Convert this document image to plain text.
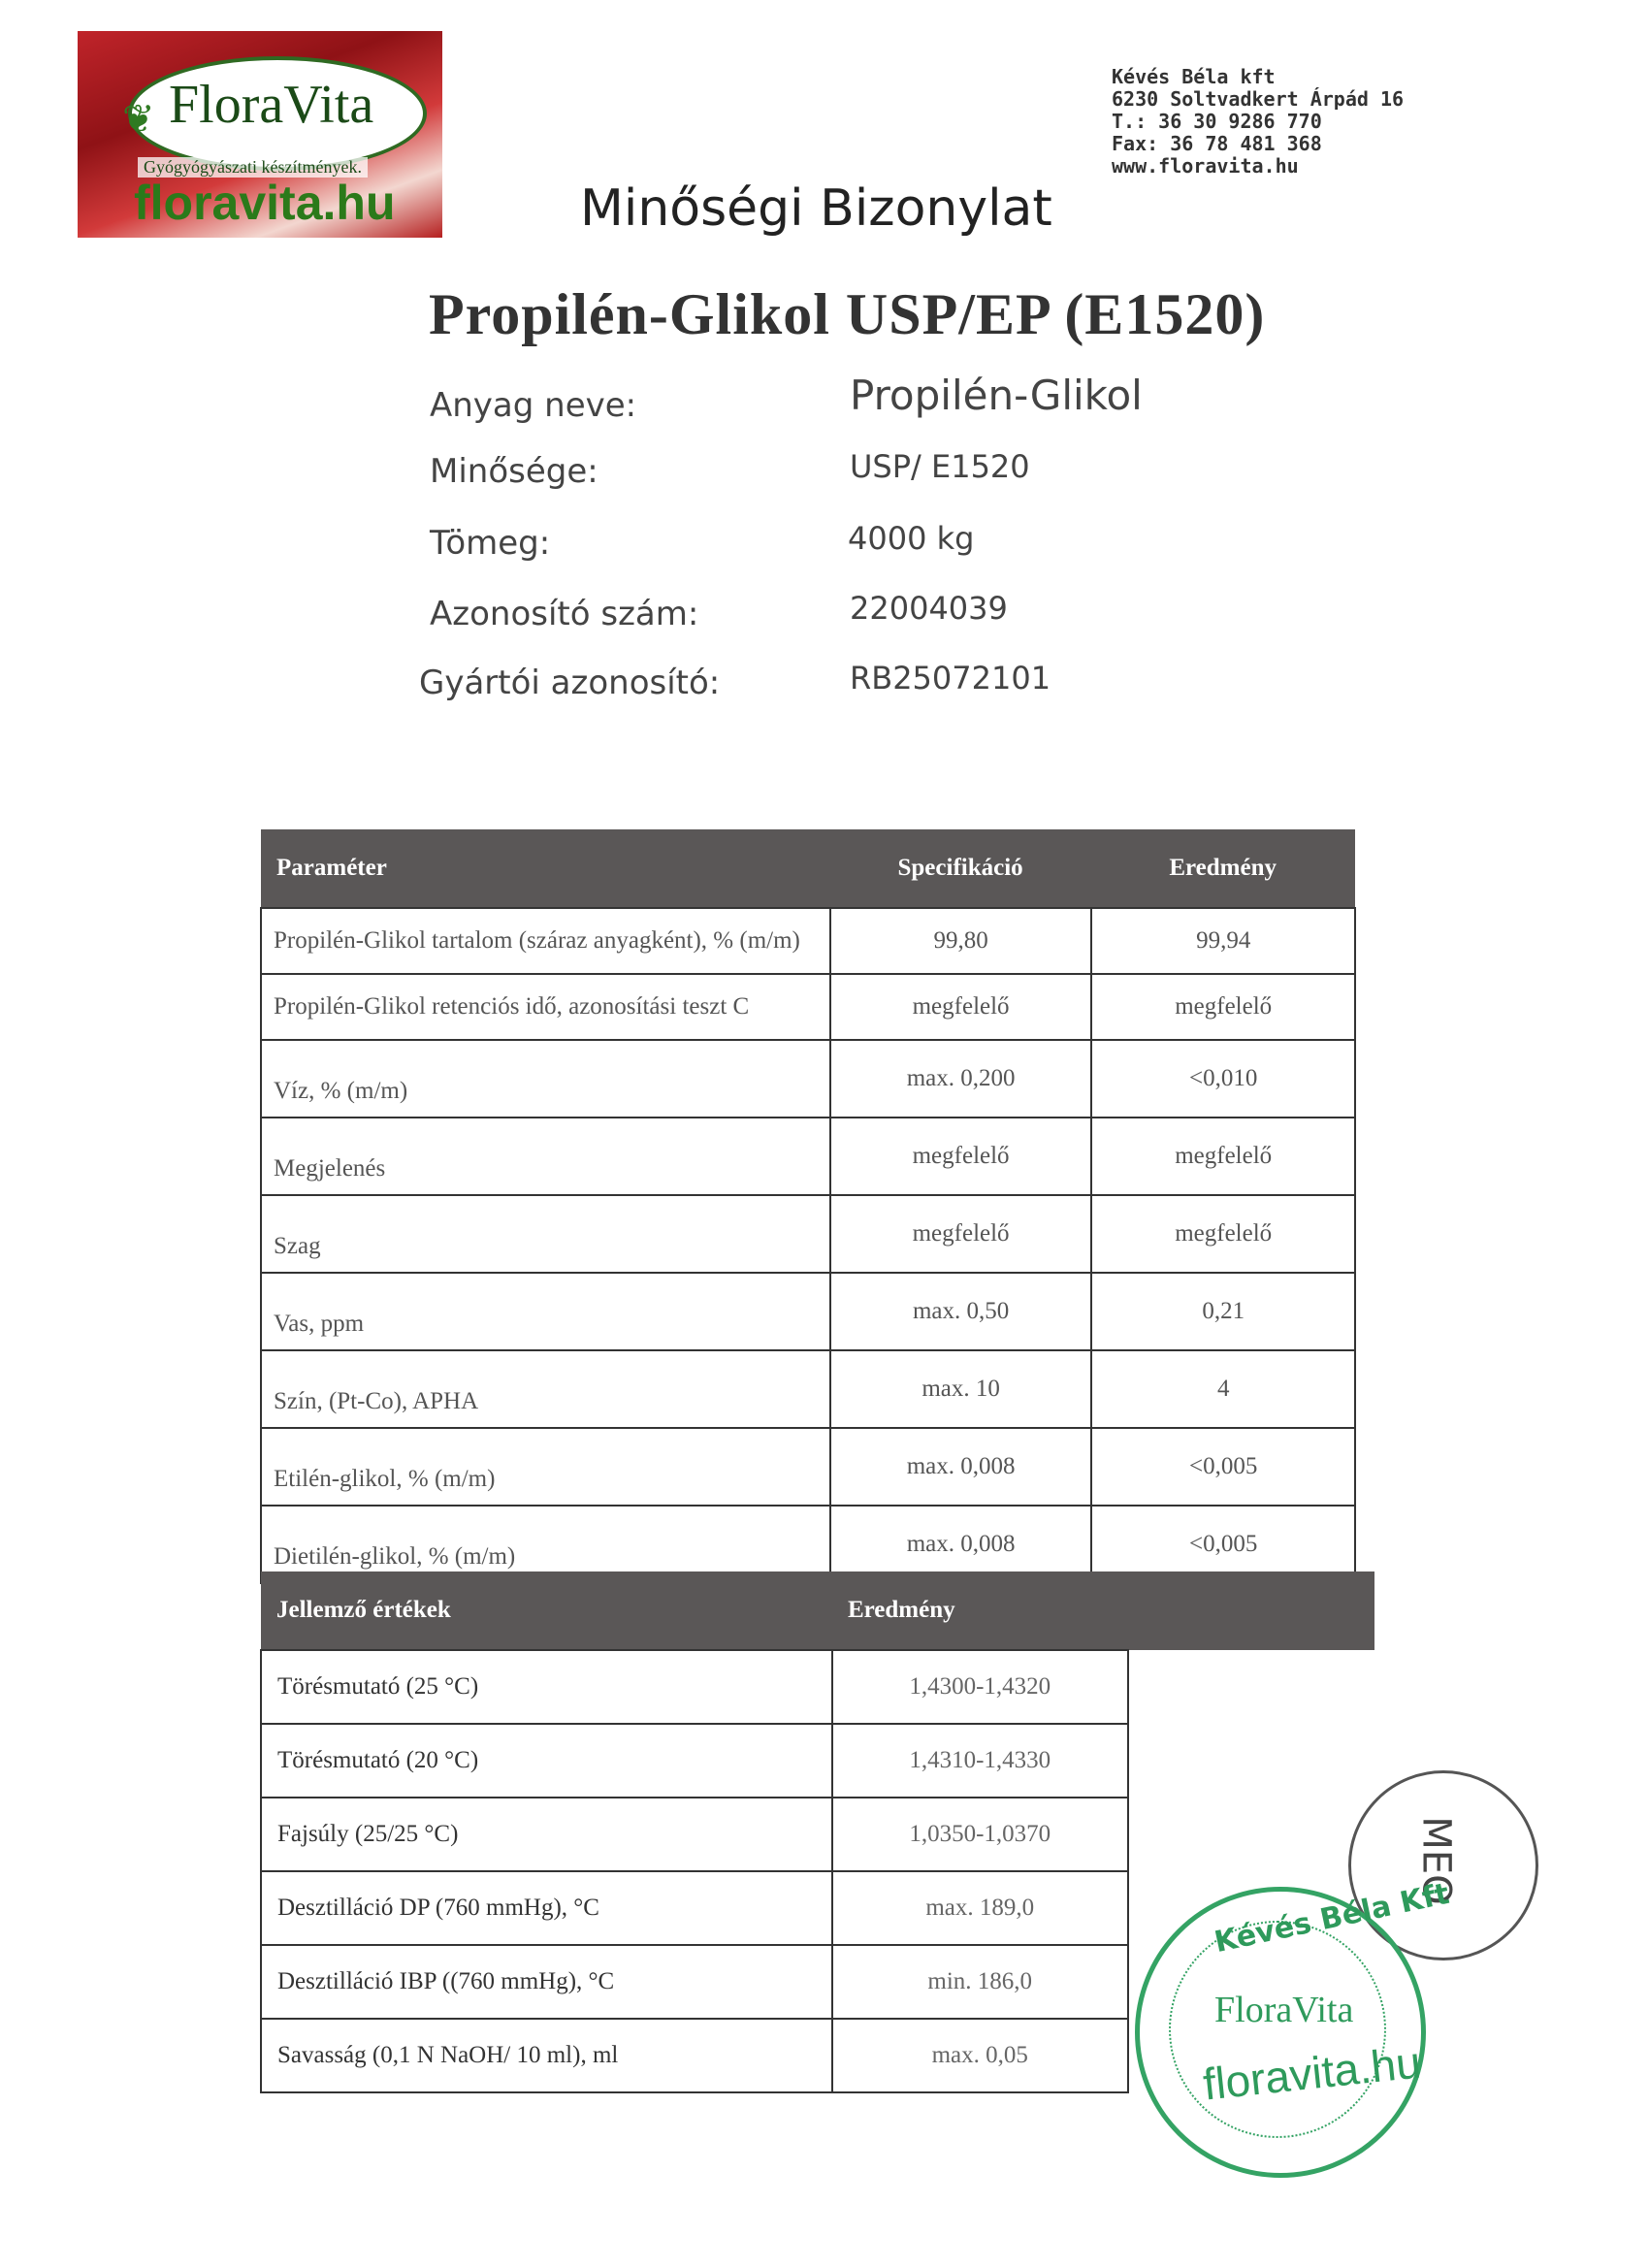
❦ FloraVita
Gyógyógyászati készítmények.
floravita.hu
Kévés Béla kft
6230 Soltvadkert Árpád 16
T.: 36 30 9286 770
Fax: 36 78 481 368
www.floravita.hu
Minőségi Bizonylat
Propilén-Glikol USP/EP (E1520)
Anyag neve:	Propilén-Glikol
Minősége:	USP/ E1520
Tömeg:	4000 kg
Azonosító szám:	22004039
Gyártói azonosító:	RB25072101
Paraméter	Specifikáció	Eredmény
Propilén-Glikol tartalom (száraz anyagként), % (m/m)	99,80	99,94
Propilén-Glikol retenciós idő, azonosítási teszt C	megfelelő	megfelelő
Víz, % (m/m)	max. 0,200	<0,010
Megjelenés	megfelelő	megfelelő
Szag	megfelelő	megfelelő
Vas, ppm	max. 0,50	0,21
Szín, (Pt-Co), APHA	max. 10	4
Etilén-glikol, % (m/m)	max. 0,008	<0,005
Dietilén-glikol, % (m/m)	max. 0,008	<0,005
Jellemző értékek	Eredmény	
Törésmutató (25 °C)	1,4300-1,4320	
Törésmutató (20 °C)	1,4310-1,4330	
Fajsúly (25/25 °C)	1,0350-1,0370	
Desztilláció DP (760 mmHg), °C	max. 189,0	
Desztilláció IBP ((760 mmHg), °C	min. 186,0	
Savasság (0,1 N NaOH/ 10 ml), ml	max. 0,05	
MEO
Kévés Béla Kft
FloraVita
floravita.hu
